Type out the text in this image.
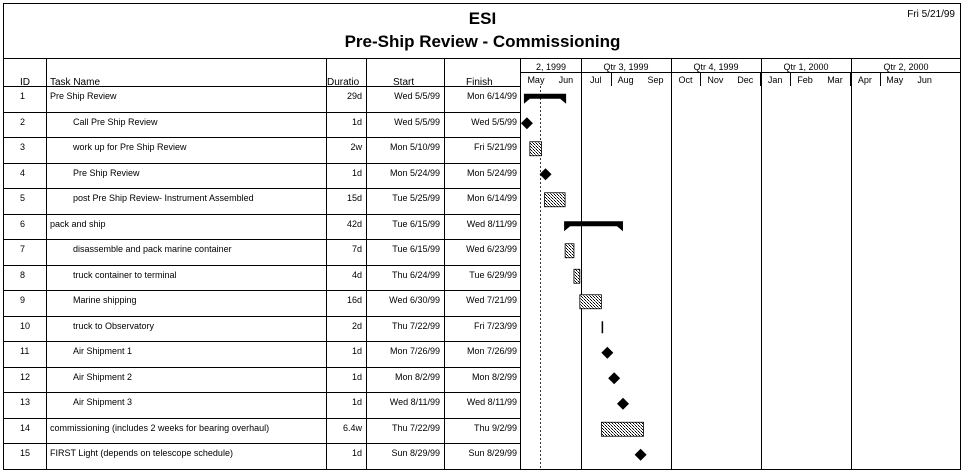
ESI
Pre-Ship Review - Commissioning
Fri 5/21/99
ID Task Name	Duratio	Start	Finish
1	Pre Ship Review	29d	Wed 5/5/99	Mon 6/14/99
2	Call Pre Ship Review	1d	Wed 5/5/99	Wed 5/5/99
3	work up for Pre Ship Review	2w	Mon 5/10/99	Fri 5/21/99
4	Pre Ship Review	1d	Mon 5/24/99	Mon 5/24/99
5	post Pre Ship Review- Instrument Assembled	15d	Tue 5/25/99	Mon 6/14/99
6	pack and ship	42d	Tue 6/15/99	Wed 8/11/99
7	disassemble and pack marine container	7d	Tue 6/15/99	Wed 6/23/99
8	truck container to terminal	4d	Thu 6/24/99	Tue 6/29/99
9	Marine shipping	16d	Wed 6/30/99	Wed 7/21/99
10	truck to Observatory	2d	Thu 7/22/99	Fri 7/23/99
11	Air Shipment 1	1d	Mon 7/26/99	Mon 7/26/99
12	Air Shipment 2	1d	Mon 8/2/99	Mon 8/2/99
13	Air Shipment 3	1d	Wed 8/11/99	Wed 8/11/99
14 commissioning (includes 2 weeks for bearing overhaul)	6.4w	Thu 7/22/99	Thu 9/2/99
15 FIRST Light (depends on telescope schedule)	1d	Sun 8/29/99	Sun 8/29/99
2, 1999	Qtr 3, 1999	Qtr 4, 1999	Qtr 1, 2000	Qtr 2, 2000
May	Jun	Jul	Aug	Sep	Oct	Nov	Dec	Jan	Feb	Mar	Apr	May	Jun
